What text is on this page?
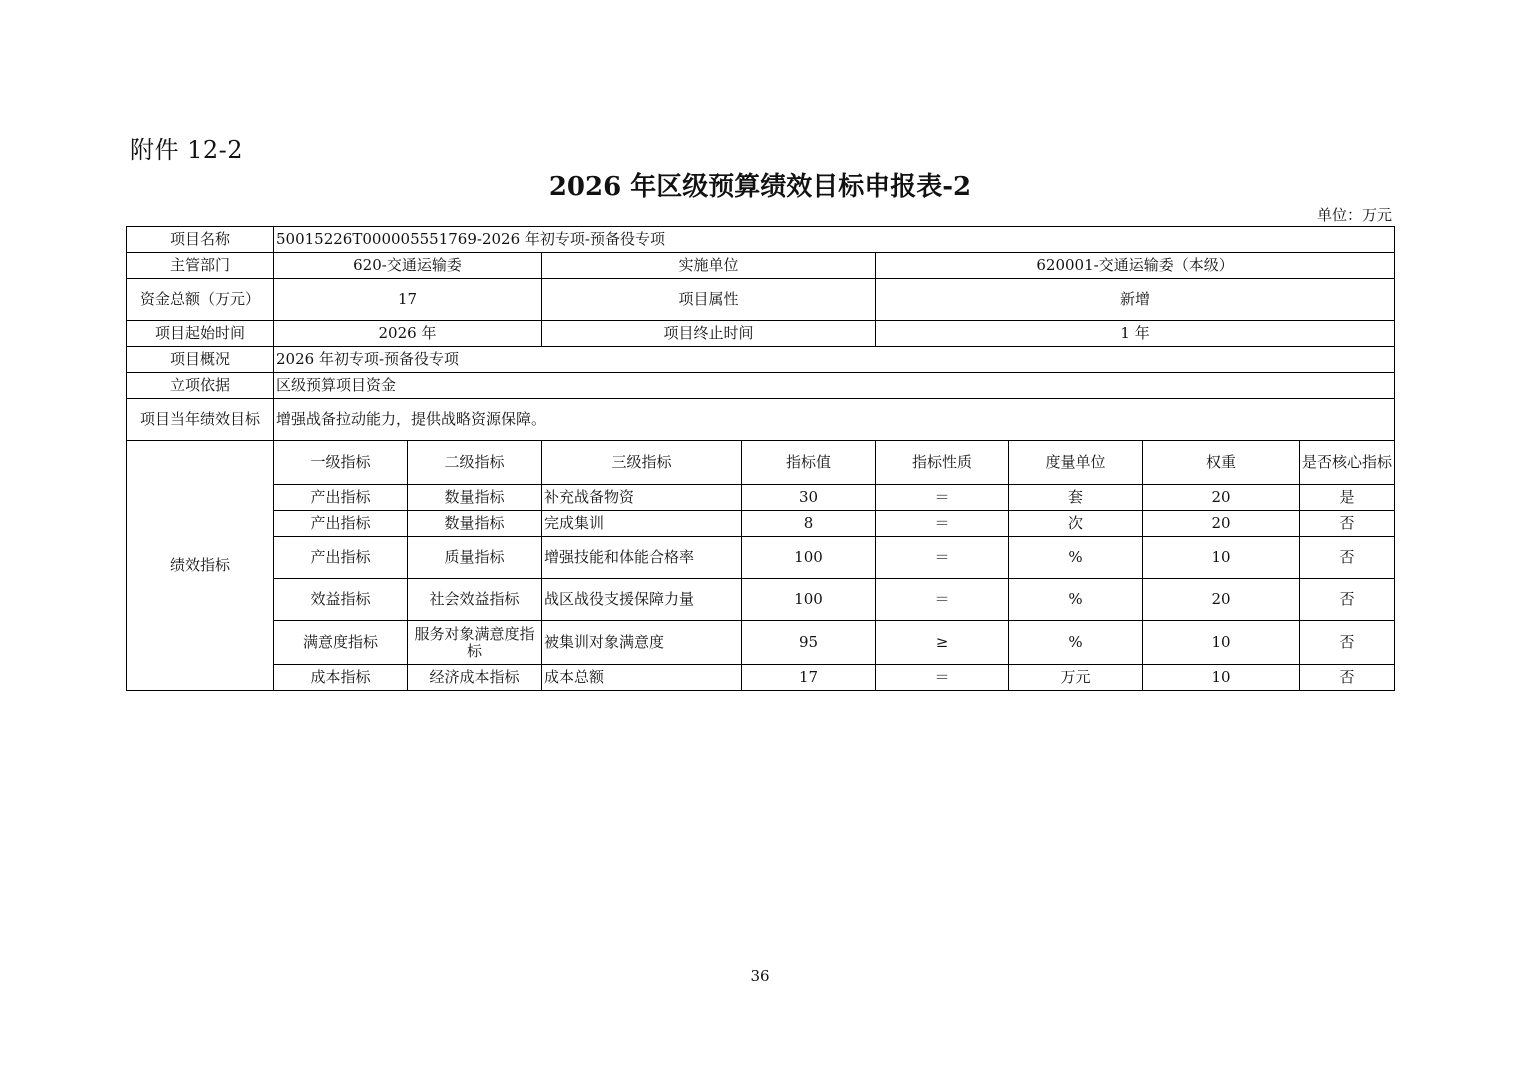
附件 12-2
2026 年区级预算绩效目标申报表-2
单位：万元
项目名称	50015226T000005551769-2026 年初专项-预备役专项							
主管部门	620-交通运输委		实施单位		620001-交通运输委（本级）			
资金总额（万元）	17		项目属性		新增			
项目起始时间	2026 年		项目终止时间		1 年			
项目概况	2026 年初专项-预备役专项							
立项依据	区级预算项目资金							
项目当年绩效目标	增强战备拉动能力，提供战略资源保障。							
绩效指标	一级指标	二级指标	三级指标	指标值	指标性质	度量单位	权重	是否核心指标
	产出指标	数量指标	补充战备物资	30	＝	套	20	是
	产出指标	数量指标	完成集训	8	＝	次	20	否
	产出指标	质量指标	增强技能和体能合格率	100	＝	%	10	否
	效益指标	社会效益指标	战区战役支援保障力量	100	＝	%	20	否
	满意度指标	服务对象满意度指标	被集训对象满意度	95	≥	%	10	否
	成本指标	经济成本指标	成本总额	17	＝	万元	10	否
36
